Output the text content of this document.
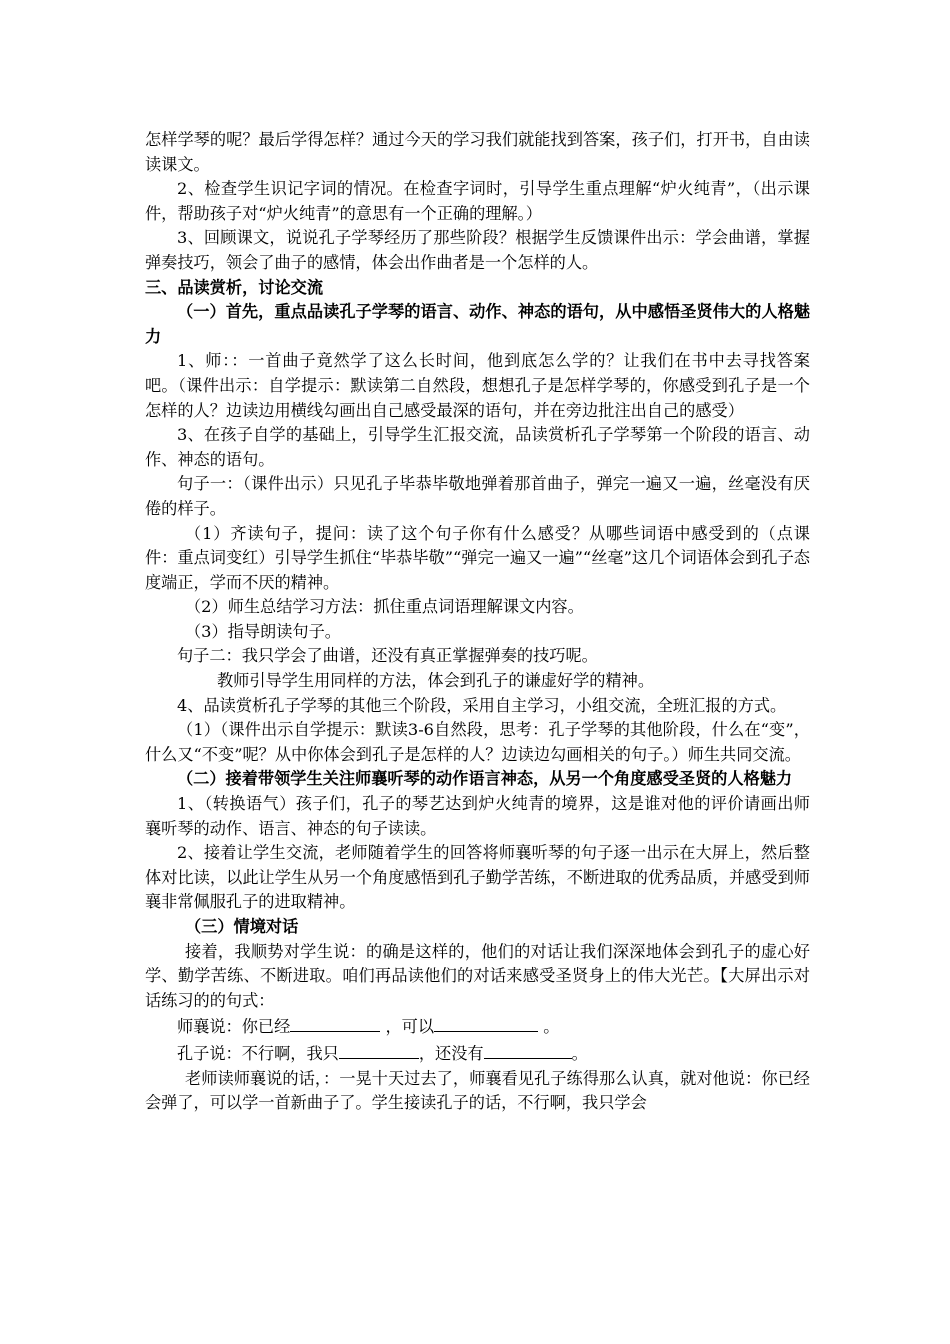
怎样学琴的呢？最后学得怎样？通过今天的学习我们就能找到答案，孩子们，打开书，自由读读课文。

2、检查学生识记字词的情况。在检查字词时，引导学生重点理解“炉火纯青”，（出示课件，帮助孩子对“炉火纯青”的意思有一个正确的理解。）

3、回顾课文，说说孔子学琴经历了那些阶段？根据学生反馈课件出示：学会曲谱，掌握弹奏技巧，领会了曲子的感情，体会出作曲者是一个怎样的人。

三、品读赏析，讨论交流

（一）首先，重点品读孔子学琴的语言、动作、神态的语句，从中感悟圣贤伟大的人格魅力

1、师：：一首曲子竟然学了这么长时间，他到底怎么学的？让我们在书中去寻找答案吧。（课件出示：自学提示：默读第二自然段，想想孔子是怎样学琴的，你感受到孔子是一个怎样的人？边读边用横线勾画出自己感受最深的语句，并在旁边批注出自己的感受）

3、在孩子自学的基础上，引导学生汇报交流，品读赏析孔子学琴第一个阶段的语言、动作、神态的语句。

句子一：（课件出示）只见孔子毕恭毕敬地弹着那首曲子，弹完一遍又一遍，丝毫没有厌倦的样子。

（1）齐读句子，提问：读了这个句子你有什么感受？从哪些词语中感受到的（点课件：重点词变红）引导学生抓住“毕恭毕敬”“弹完一遍又一遍”“丝毫”这几个词语体会到孔子态度端正，学而不厌的精神。

（2）师生总结学习方法：抓住重点词语理解课文内容。

（3）指导朗读句子。

句子二：我只学会了曲谱，还没有真正掌握弹奏的技巧呢。

教师引导学生用同样的方法，体会到孔子的谦虚好学的精神。

4、品读赏析孔子学琴的其他三个阶段，采用自主学习，小组交流，全班汇报的方式。

（1）（课件出示自学提示：默读3-6自然段，思考：孔子学琴的其他阶段，什么在“变”，什么又“不变”呢？从中你体会到孔子是怎样的人？边读边勾画相关的句子。）师生共同交流。

（二）接着带领学生关注师襄听琴的动作语言神态，从另一个角度感受圣贤的人格魅力

1、（转换语气）孩子们，孔子的琴艺达到炉火纯青的境界，这是谁对他的评价请画出师襄听琴的动作、语言、神态的句子读读。

2、接着让学生交流，老师随着学生的回答将师襄听琴的句子逐一出示在大屏上，然后整体对比读，以此让学生从另一个角度感悟到孔子勤学苦练，不断进取的优秀品质，并感受到师襄非常佩服孔子的进取精神。

（三）情境对话

接着，我顺势对学生说：的确是这样的，他们的对话让我们深深地体会到孔子的虚心好学、勤学苦练、不断进取。咱们再品读他们的对话来感受圣贤身上的伟大光芒。【大屏出示对话练习的的句式：

师襄说：你已经	，可以	。

孔子说：不行啊，我只	，还没有	。

老师读师襄说的话，：一晃十天过去了，师襄看见孔子练得那么认真，就对他说：你已经会弹了，可以学一首新曲子了。学生接读孔子的话，不行啊，我只学会
